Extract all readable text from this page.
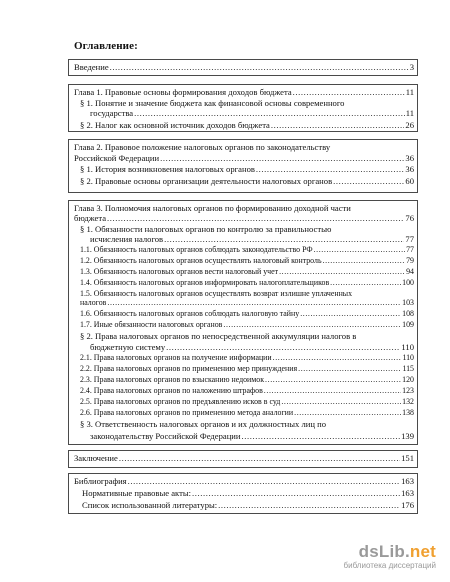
Оглавление:
Введение .....	3
Глава 1. Правовые основы формирования доходов бюджета .....	11
§ 1. Понятие и значение бюджета как финансовой основы современного
государства .....	11
§ 2. Налог как основной источник доходов бюджета .....	26
Глава 2. Правовое положение налоговых органов по законодательству
Российской Федерации .....	36
§ 1. История возникновения налоговых органов .....	36
§ 2. Правовые основы организации деятельности налоговых органов .....	60
Глава 3. Полномочия налоговых органов по формированию доходной части
бюджета .....	76
§ 1. Обязанности налоговых органов по контролю за правильностью
исчисления налогов .....	77
1.1. Обязанность налоговых органов соблюдать законодательство РФ .....	77
1.2. Обязанность налоговых органов осуществлять налоговый контроль .....	79
1.3. Обязанность налоговых органов вести налоговый учет .....	94
1.4. Обязанность налоговых органов информировать налогоплательщиков .....	100
1.5. Обязанность налоговых органов осуществлять возврат излишне уплаченных
налогов .....	103
1.6. Обязанность налоговых органов соблюдать налоговую тайну .....	108
1.7. Иные обязанности налоговых органов .....	109
§ 2. Права налоговых органов по непосредственной аккумуляции налогов в
бюджетную систему .....	110
2.1. Права налоговых органов на получение информации .....	110
2.2. Права налоговых органов по применению мер принуждения .....	115
2.3. Права налоговых органов по взысканию недоимок .....	120
2.4. Права налоговых органов по наложению штрафов .....	123
2.5. Права налоговых органов по предъявлению исков в суд .....	132
2.6. Права налоговых органов по применению метода аналогии .....	138
§ 3. Ответственность налоговых органов и их должностных лиц по
законодательству Российской Федерации .....	139
Заключение .....	151
Библиография .....	163
Нормативные правовые акты: .....	163
Список использованной литературы: .....	176
dsLib.net
библиотека диссертаций
